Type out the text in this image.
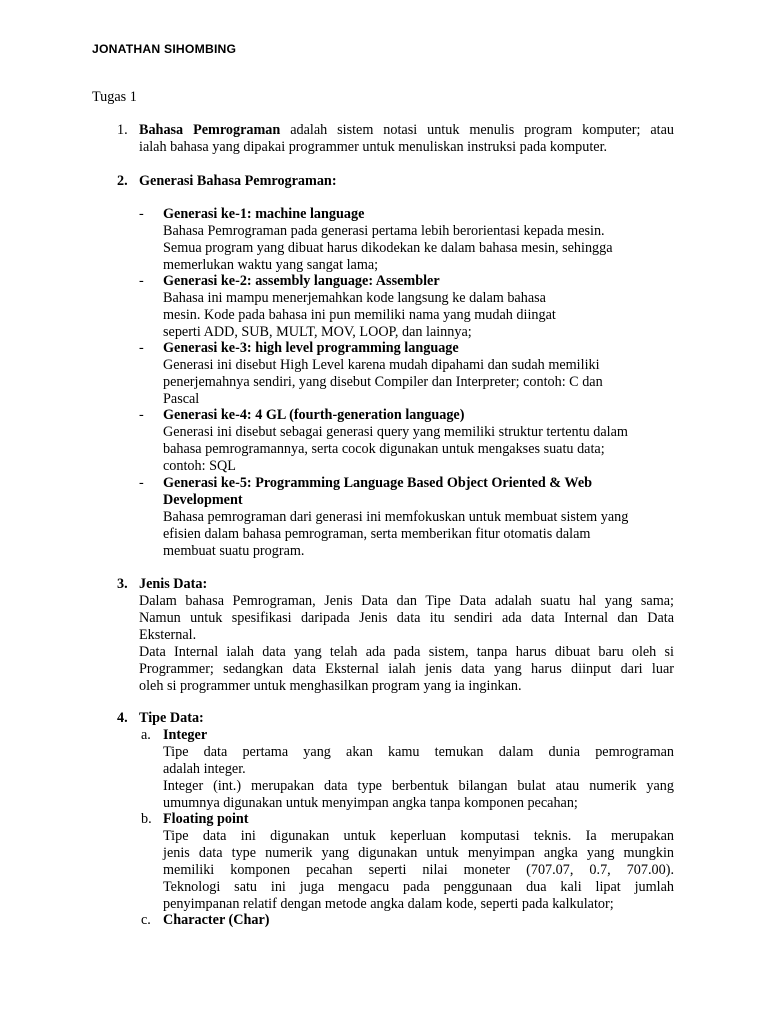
JONATHAN SIHOMBING
Tugas 1
1. Bahasa Pemrograman adalah sistem notasi untuk menulis program komputer; atau
ialah bahasa yang dipakai programmer untuk menuliskan instruksi pada komputer.
2. Generasi Bahasa Pemrograman:
- Generasi ke-1: machine language
Bahasa Pemrograman pada generasi pertama lebih berorientasi kepada mesin.
Semua program yang dibuat harus dikodekan ke dalam bahasa mesin, sehingga
memerlukan waktu yang sangat lama;
- Generasi ke-2: assembly language: Assembler
Bahasa ini mampu menerjemahkan kode langsung ke dalam bahasa
mesin. Kode pada bahasa ini pun memiliki nama yang mudah diingat
seperti ADD, SUB, MULT, MOV, LOOP, dan lainnya;
- Generasi ke-3: high level programming language
Generasi ini disebut High Level karena mudah dipahami dan sudah memiliki
penerjemahnya sendiri, yang disebut Compiler dan Interpreter; contoh: C dan
Pascal
- Generasi ke-4: 4 GL (fourth-generation language)
Generasi ini disebut sebagai generasi query yang memiliki struktur tertentu dalam
bahasa pemrogramannya, serta cocok digunakan untuk mengakses suatu data;
contoh: SQL
- Generasi ke-5: Programming Language Based Object Oriented & Web
Development
Bahasa pemrograman dari generasi ini memfokuskan untuk membuat sistem yang
efisien dalam bahasa pemrograman, serta memberikan fitur otomatis dalam
membuat suatu program.
3. Jenis Data:
Dalam bahasa Pemrograman, Jenis Data dan Tipe Data adalah suatu hal yang sama;
Namun untuk spesifikasi daripada Jenis data itu sendiri ada data Internal dan Data
Eksternal.
Data Internal ialah data yang telah ada pada sistem, tanpa harus dibuat baru oleh si
Programmer; sedangkan data Eksternal ialah jenis data yang harus diinput dari luar
oleh si programmer untuk menghasilkan program yang ia inginkan.
4. Tipe Data:
a. Integer
Tipe data pertama yang akan kamu temukan dalam dunia pemrograman
adalah integer.
Integer (int.) merupakan data type berbentuk bilangan bulat atau numerik yang
umumnya digunakan untuk menyimpan angka tanpa komponen pecahan;
b. Floating point
Tipe data ini digunakan untuk keperluan komputasi teknis. Ia merupakan
jenis data type numerik yang digunakan untuk menyimpan angka yang mungkin
memiliki komponen pecahan seperti nilai moneter (707.07, 0.7, 707.00).
Teknologi satu ini juga mengacu pada penggunaan dua kali lipat jumlah
penyimpanan relatif dengan metode angka dalam kode, seperti pada kalkulator;
c. Character (Char)
